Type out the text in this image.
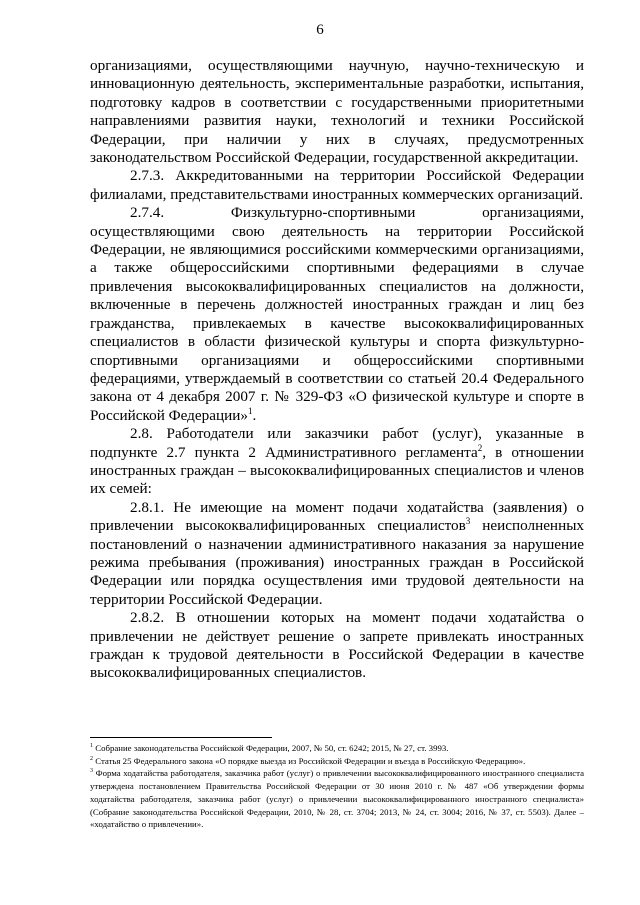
6

организациями, осуществляющими научную, научно-техническую и инновационную деятельность, экспериментальные разработки, испытания, подготовку кадров в соответствии с государственными приоритетными направлениями развития науки, технологий и техники Российской Федерации, при наличии у них в случаях, предусмотренных законодательством Российской Федерации, государственной аккредитации.

2.7.3. Аккредитованными на территории Российской Федерации филиалами, представительствами иностранных коммерческих организаций.

2.7.4. Физкультурно-спортивными организациями, осуществляющими свою деятельность на территории Российской Федерации, не являющимися российскими коммерческими организациями, а также общероссийскими спортивными федерациями в случае привлечения высококвалифицированных специалистов на должности, включенные в перечень должностей иностранных граждан и лиц без гражданства, привлекаемых в качестве высококвалифицированных специалистов в области физической культуры и спорта физкультурно-спортивными организациями и общероссийскими спортивными федерациями, утверждаемый в соответствии со статьей 20.4 Федерального закона от 4 декабря 2007 г. № 329-ФЗ «О физической культуре и спорте в Российской Федерации»$^1$.

2.8. Работодатели или заказчики работ (услуг), указанные в подпункте 2.7 пункта 2 Административного регламента$^2$, в отношении иностранных граждан – высококвалифицированных специалистов и членов их семей:

2.8.1. Не имеющие на момент подачи ходатайства (заявления) о привлечении высококвалифицированных специалистов$^3$ неисполненных постановлений о назначении административного наказания за нарушение режима пребывания (проживания) иностранных граждан в Российской Федерации или порядка осуществления ими трудовой деятельности на территории Российской Федерации.

2.8.2. В отношении которых на момент подачи ходатайства о привлечении не действует решение о запрете привлекать иностранных граждан к трудовой деятельности в Российской Федерации в качестве высококвалифицированных специалистов.

$^1$ Собрание законодательства Российской Федерации, 2007, № 50, ст. 6242; 2015, № 27, ст. 3993.

$^2$ Статья 25 Федерального закона «О порядке выезда из Российской Федерации и въезда в Российскую Федерацию».

$^3$ Форма ходатайства работодателя, заказчика работ (услуг) о привлечении высококвалифицированного иностранного специалиста утверждена постановлением Правительства Российской Федерации от 30 июня 2010 г. № 487 «Об утверждении формы ходатайства работодателя, заказчика работ (услуг) о привлечении высококвалифицированного иностранного специалиста» (Собрание законодательства Российской Федерации, 2010, № 28, ст. 3704; 2013, № 24, ст. 3004; 2016, № 37, ст. 5503). Далее – «ходатайство о привлечении».
